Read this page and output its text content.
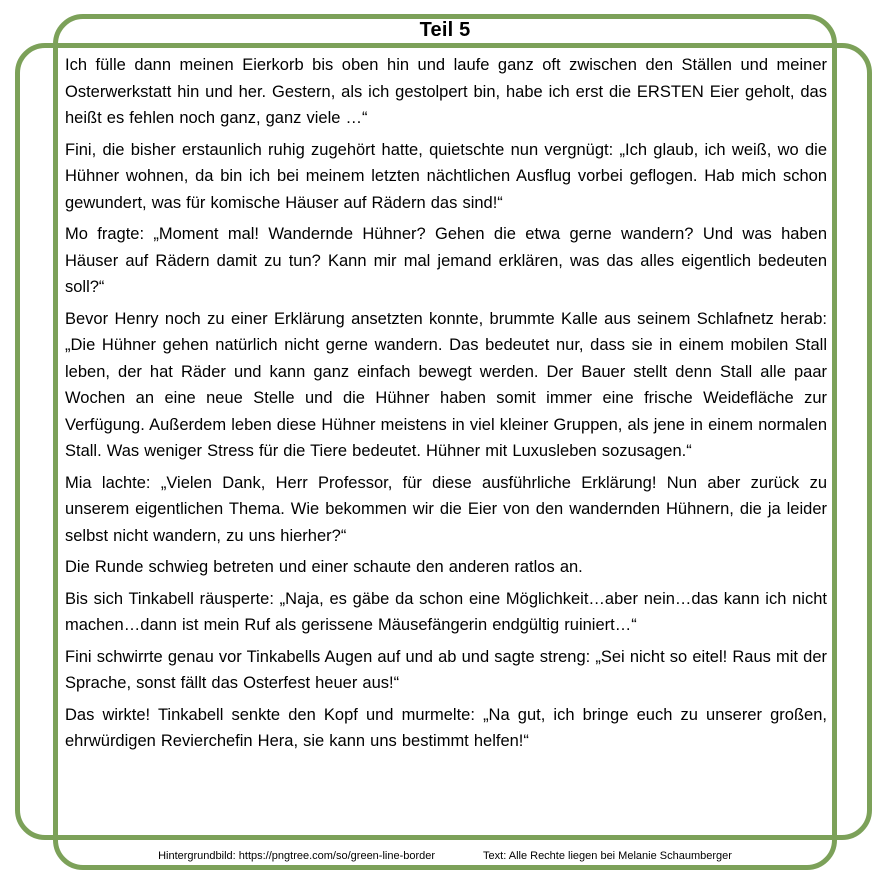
Teil 5

Ich fülle dann meinen Eierkorb bis oben hin und laufe ganz oft zwischen den Ställen und meiner Osterwerkstatt hin und her. Gestern, als ich gestolpert bin, habe ich erst die ERSTEN Eier geholt, das heißt es fehlen noch ganz, ganz viele …“

Fini, die bisher erstaunlich ruhig zugehört hatte, quietschte nun vergnügt: „Ich glaub, ich weiß, wo die Hühner wohnen, da bin ich bei meinem letzten nächtlichen Ausflug vorbei geflogen. Hab mich schon gewundert, was für komische Häuser auf Rädern das sind!“

Mo fragte: „Moment mal! Wandernde Hühner? Gehen die etwa gerne wandern? Und was haben Häuser auf Rädern damit zu tun? Kann mir mal jemand erklären, was das alles eigentlich bedeuten soll?“

Bevor Henry noch zu einer Erklärung ansetzten konnte, brummte Kalle aus seinem Schlafnetz herab: „Die Hühner gehen natürlich nicht gerne wandern. Das bedeutet nur, dass sie in einem mobilen Stall leben, der hat Räder und kann ganz einfach bewegt werden. Der Bauer stellt denn Stall alle paar Wochen an eine neue Stelle und die Hühner haben somit immer eine frische Weidefläche zur Verfügung. Außerdem leben diese Hühner meistens in viel kleiner Gruppen, als jene in einem normalen Stall. Was weniger Stress für die Tiere bedeutet. Hühner mit Luxusleben sozusagen.“

Mia lachte: „Vielen Dank, Herr Professor, für diese ausführliche Erklärung! Nun aber zurück zu unserem eigentlichen Thema. Wie bekommen wir die Eier von den wandernden Hühnern, die ja leider selbst nicht wandern, zu uns hierher?“

Die Runde schwieg betreten und einer schaute den anderen ratlos an.

Bis sich Tinkabell räusperte: „Naja, es gäbe da schon eine Möglichkeit…aber nein…das kann ich nicht machen…dann ist mein Ruf als gerissene Mäusefängerin endgültig ruiniert…“

Fini schwirrte genau vor Tinkabells Augen auf und ab und sagte streng: „Sei nicht so eitel! Raus mit der Sprache, sonst fällt das Osterfest heuer aus!“

Das wirkte! Tinkabell senkte den Kopf und murmelte: „Na gut, ich bringe euch zu unserer großen, ehrwürdigen Revierchefin Hera, sie kann uns bestimmt helfen!“

Hintergrundbild: https://pngtree.com/so/green-line-border	Text: Alle Rechte liegen bei Melanie Schaumberger
